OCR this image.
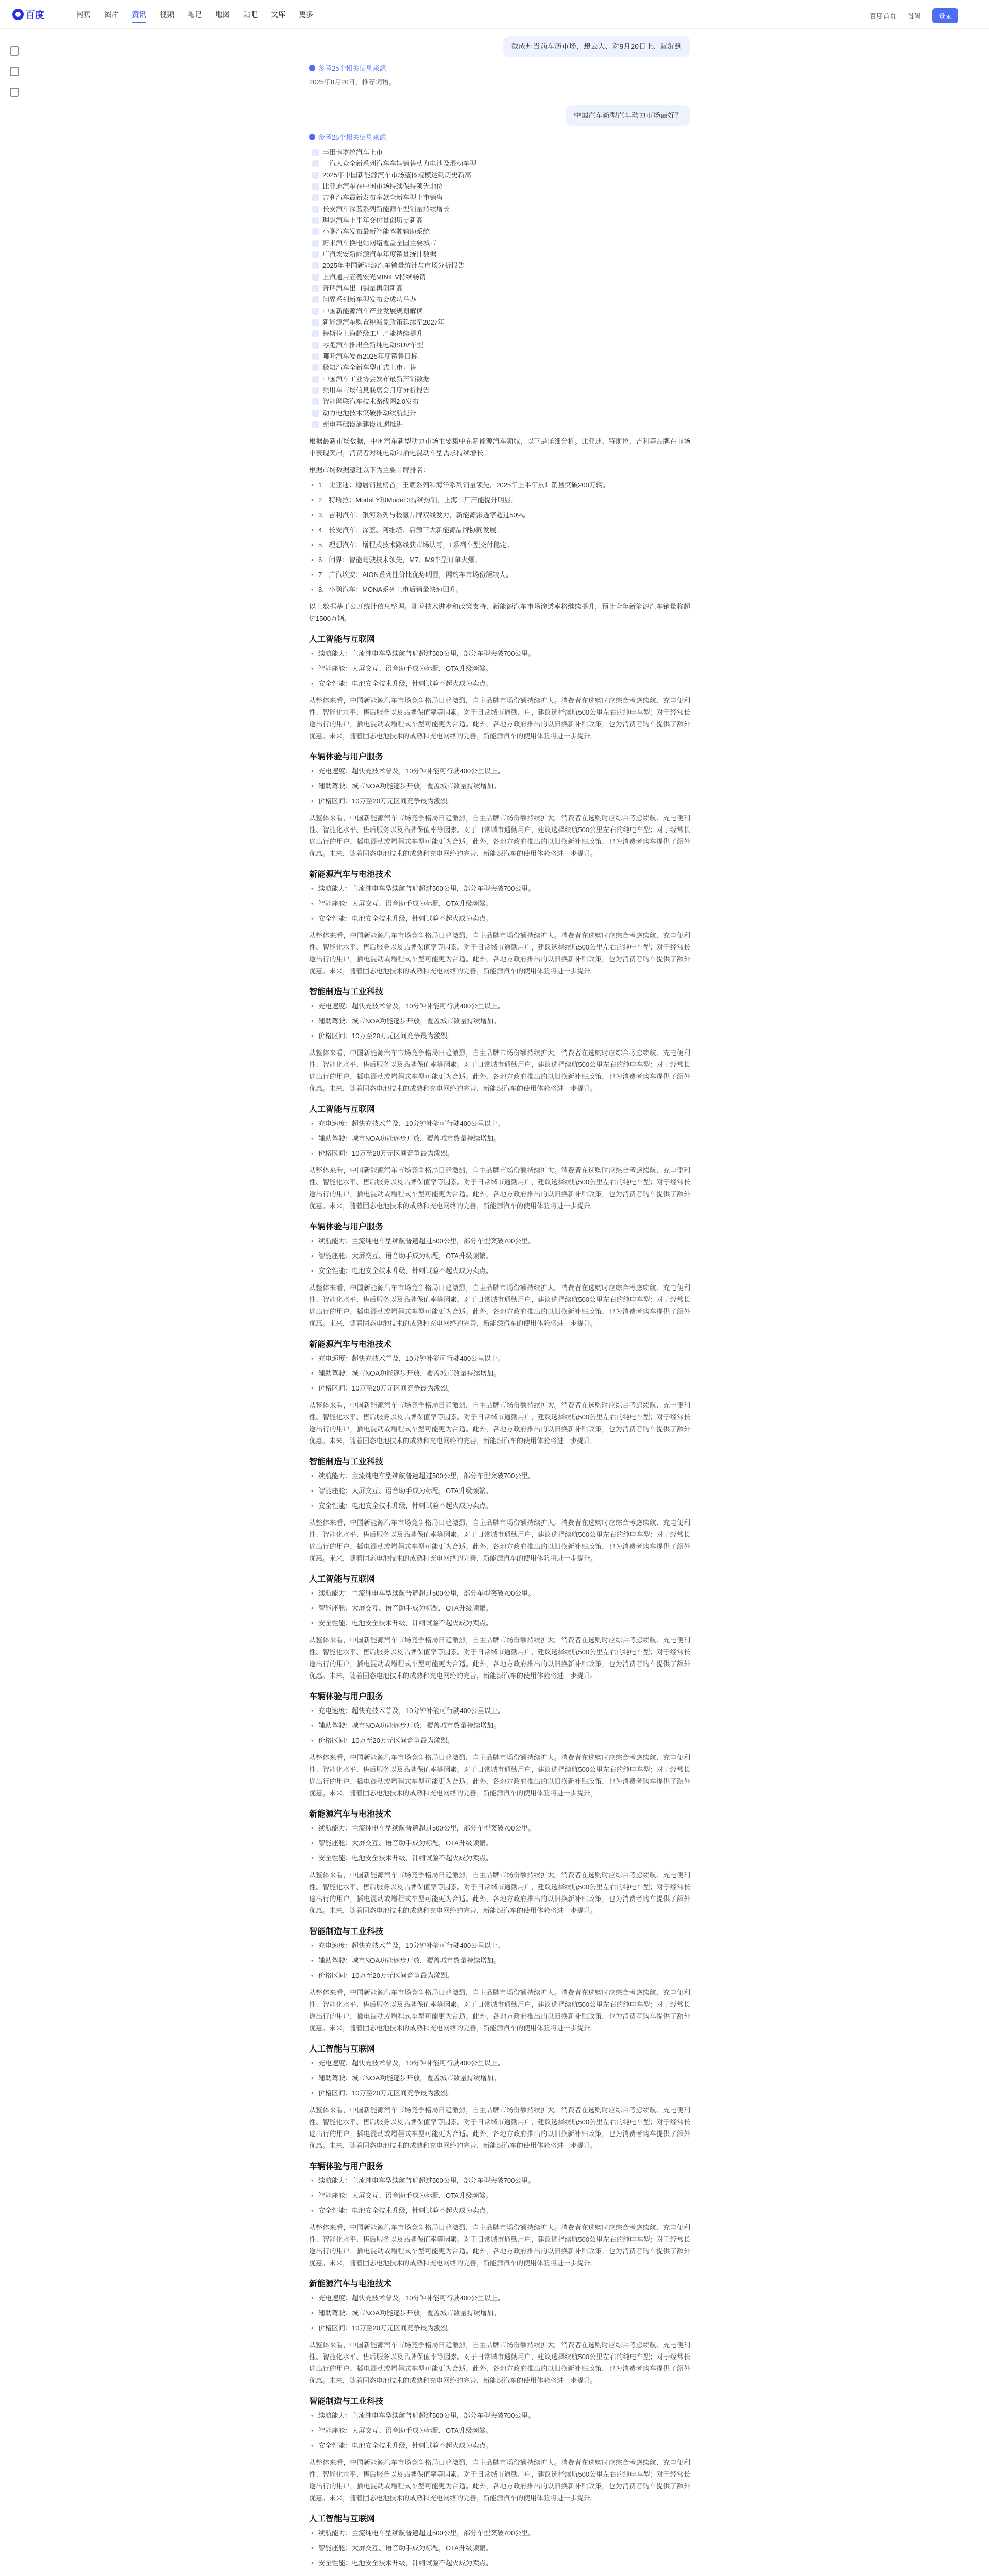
百度	网页 图片 资讯 视频 笔记 地图 贴吧 文库 更多	百度首页 设置	登录
截成州当前车历市场，想去大、对9月20日上、漏漏到
参考25个相关信息来源
2025年8月20日，推荐词语。
中国汽车新型汽车动力市场最好？
参考25个相关信息来源
丰田卡罗拉汽车上市
一汽大众全新系列汽车车辆销售动力电池及混动车型
2025年中国新能源汽车市场整体规模达到历史新高
比亚迪汽车在中国市场持续保持领先地位
吉利汽车最新发布多款全新车型上市销售
长安汽车深蓝系列新能源车型销量持续增长
理想汽车上半年交付量创历史新高
小鹏汽车发布最新智能驾驶辅助系统
蔚来汽车换电站网络覆盖全国主要城市
广汽埃安新能源汽车年度销量统计数据
2025年中国新能源汽车销量统计与市场分析报告
上汽通用五菱宏光MINIEV持续畅销
奇瑞汽车出口销量再创新高
问界系列新车型发布会成功举办
中国新能源汽车产业发展规划解读
新能源汽车购置税减免政策延续至2027年
特斯拉上海超级工厂产能持续提升
零跑汽车推出全新纯电动SUV车型
哪吒汽车发布2025年度销售目标
极氪汽车全新车型正式上市开售
中国汽车工业协会发布最新产销数据
乘用车市场信息联席会月度分析报告
智能网联汽车技术路线图2.0发布
动力电池技术突破推动续航提升
充电基础设施建设加速推进
根据最新市场数据，中国汽车新型动力市场主要集中在新能源汽车领域，以下是详细分析。比亚迪、特斯拉、吉利等品牌在市场中表现突出，消费者对纯电动和插电混动车型需求持续增长。
根据市场数据整理以下为主要品牌排名：
• 1．比亚迪：稳居销量榜首，王朝系列和海洋系列销量领先，2025年上半年累计销量突破200万辆。
• 2．特斯拉：Model Y和Model 3持续热销，上海工厂产能提升明显。
• 3．吉利汽车：银河系列与极氪品牌双线发力，新能源渗透率超过50%。
• 4．长安汽车：深蓝、阿维塔、启源三大新能源品牌协同发展。
• 5．理想汽车：增程式技术路线获市场认可，L系列车型交付稳定。
• 6．问界：智能驾驶技术领先，M7、M9车型订单火爆。
• 7．广汽埃安：AION系列性价比优势明显，网约车市场份额较大。
• 8．小鹏汽车：MONA系列上市后销量快速回升。
以上数据基于公开统计信息整理。随着技术进步和政策支持，新能源汽车市场渗透率将继续提升，预计全年新能源汽车销量将超过1500万辆。
人工智能与互联网
• 续航能力：主流纯电车型续航普遍超过500公里，部分车型突破700公里。
• 智能座舱：大屏交互、语音助手成为标配，OTA升级频繁。
• 安全性能：电池安全技术升级，针刺试验不起火成为卖点。
从整体来看，中国新能源汽车市场竞争格局日趋激烈，自主品牌市场份额持续扩大。消费者在选购时应综合考虑续航、充电便利性、智能化水平、售后服务以及品牌保值率等因素。对于日常城市通勤用户，建议选择续航500公里左右的纯电车型；对于经常长途出行的用户，插电混动或增程式车型可能更为合适。此外，各地方政府推出的以旧换新补贴政策，也为消费者购车提供了额外优惠。未来，随着固态电池技术的成熟和充电网络的完善，新能源汽车的使用体验将进一步提升。
车辆体验与用户服务
• 充电速度：超快充技术普及，10分钟补能可行驶400公里以上。
• 辅助驾驶：城市NOA功能逐步开放，覆盖城市数量持续增加。
• 价格区间：10万至20万元区间竞争最为激烈。
从整体来看，中国新能源汽车市场竞争格局日趋激烈，自主品牌市场份额持续扩大。消费者在选购时应综合考虑续航、充电便利性、智能化水平、售后服务以及品牌保值率等因素。对于日常城市通勤用户，建议选择续航500公里左右的纯电车型；对于经常长途出行的用户，插电混动或增程式车型可能更为合适。此外，各地方政府推出的以旧换新补贴政策，也为消费者购车提供了额外优惠。未来，随着固态电池技术的成熟和充电网络的完善，新能源汽车的使用体验将进一步提升。
新能源汽车与电池技术
• 续航能力：主流纯电车型续航普遍超过500公里，部分车型突破700公里。
• 智能座舱：大屏交互、语音助手成为标配，OTA升级频繁。
• 安全性能：电池安全技术升级，针刺试验不起火成为卖点。
从整体来看，中国新能源汽车市场竞争格局日趋激烈，自主品牌市场份额持续扩大。消费者在选购时应综合考虑续航、充电便利性、智能化水平、售后服务以及品牌保值率等因素。对于日常城市通勤用户，建议选择续航500公里左右的纯电车型；对于经常长途出行的用户，插电混动或增程式车型可能更为合适。此外，各地方政府推出的以旧换新补贴政策，也为消费者购车提供了额外优惠。未来，随着固态电池技术的成熟和充电网络的完善，新能源汽车的使用体验将进一步提升。
智能制造与工业科技
• 充电速度：超快充技术普及，10分钟补能可行驶400公里以上。
• 辅助驾驶：城市NOA功能逐步开放，覆盖城市数量持续增加。
• 价格区间：10万至20万元区间竞争最为激烈。
从整体来看，中国新能源汽车市场竞争格局日趋激烈，自主品牌市场份额持续扩大。消费者在选购时应综合考虑续航、充电便利性、智能化水平、售后服务以及品牌保值率等因素。对于日常城市通勤用户，建议选择续航500公里左右的纯电车型；对于经常长途出行的用户，插电混动或增程式车型可能更为合适。此外，各地方政府推出的以旧换新补贴政策，也为消费者购车提供了额外优惠。未来，随着固态电池技术的成熟和充电网络的完善，新能源汽车的使用体验将进一步提升。
人工智能与互联网
• 充电速度：超快充技术普及，10分钟补能可行驶400公里以上。
• 辅助驾驶：城市NOA功能逐步开放，覆盖城市数量持续增加。
• 价格区间：10万至20万元区间竞争最为激烈。
从整体来看，中国新能源汽车市场竞争格局日趋激烈，自主品牌市场份额持续扩大。消费者在选购时应综合考虑续航、充电便利性、智能化水平、售后服务以及品牌保值率等因素。对于日常城市通勤用户，建议选择续航500公里左右的纯电车型；对于经常长途出行的用户，插电混动或增程式车型可能更为合适。此外，各地方政府推出的以旧换新补贴政策，也为消费者购车提供了额外优惠。未来，随着固态电池技术的成熟和充电网络的完善，新能源汽车的使用体验将进一步提升。
车辆体验与用户服务
• 续航能力：主流纯电车型续航普遍超过500公里，部分车型突破700公里。
• 智能座舱：大屏交互、语音助手成为标配，OTA升级频繁。
• 安全性能：电池安全技术升级，针刺试验不起火成为卖点。
从整体来看，中国新能源汽车市场竞争格局日趋激烈，自主品牌市场份额持续扩大。消费者在选购时应综合考虑续航、充电便利性、智能化水平、售后服务以及品牌保值率等因素。对于日常城市通勤用户，建议选择续航500公里左右的纯电车型；对于经常长途出行的用户，插电混动或增程式车型可能更为合适。此外，各地方政府推出的以旧换新补贴政策，也为消费者购车提供了额外优惠。未来，随着固态电池技术的成熟和充电网络的完善，新能源汽车的使用体验将进一步提升。
新能源汽车与电池技术
• 充电速度：超快充技术普及，10分钟补能可行驶400公里以上。
• 辅助驾驶：城市NOA功能逐步开放，覆盖城市数量持续增加。
• 价格区间：10万至20万元区间竞争最为激烈。
从整体来看，中国新能源汽车市场竞争格局日趋激烈，自主品牌市场份额持续扩大。消费者在选购时应综合考虑续航、充电便利性、智能化水平、售后服务以及品牌保值率等因素。对于日常城市通勤用户，建议选择续航500公里左右的纯电车型；对于经常长途出行的用户，插电混动或增程式车型可能更为合适。此外，各地方政府推出的以旧换新补贴政策，也为消费者购车提供了额外优惠。未来，随着固态电池技术的成熟和充电网络的完善，新能源汽车的使用体验将进一步提升。
智能制造与工业科技
• 续航能力：主流纯电车型续航普遍超过500公里，部分车型突破700公里。
• 智能座舱：大屏交互、语音助手成为标配，OTA升级频繁。
• 安全性能：电池安全技术升级，针刺试验不起火成为卖点。
从整体来看，中国新能源汽车市场竞争格局日趋激烈，自主品牌市场份额持续扩大。消费者在选购时应综合考虑续航、充电便利性、智能化水平、售后服务以及品牌保值率等因素。对于日常城市通勤用户，建议选择续航500公里左右的纯电车型；对于经常长途出行的用户，插电混动或增程式车型可能更为合适。此外，各地方政府推出的以旧换新补贴政策，也为消费者购车提供了额外优惠。未来，随着固态电池技术的成熟和充电网络的完善，新能源汽车的使用体验将进一步提升。
人工智能与互联网
• 续航能力：主流纯电车型续航普遍超过500公里，部分车型突破700公里。
• 智能座舱：大屏交互、语音助手成为标配，OTA升级频繁。
• 安全性能：电池安全技术升级，针刺试验不起火成为卖点。
从整体来看，中国新能源汽车市场竞争格局日趋激烈，自主品牌市场份额持续扩大。消费者在选购时应综合考虑续航、充电便利性、智能化水平、售后服务以及品牌保值率等因素。对于日常城市通勤用户，建议选择续航500公里左右的纯电车型；对于经常长途出行的用户，插电混动或增程式车型可能更为合适。此外，各地方政府推出的以旧换新补贴政策，也为消费者购车提供了额外优惠。未来，随着固态电池技术的成熟和充电网络的完善，新能源汽车的使用体验将进一步提升。
车辆体验与用户服务
• 充电速度：超快充技术普及，10分钟补能可行驶400公里以上。
• 辅助驾驶：城市NOA功能逐步开放，覆盖城市数量持续增加。
• 价格区间：10万至20万元区间竞争最为激烈。
从整体来看，中国新能源汽车市场竞争格局日趋激烈，自主品牌市场份额持续扩大。消费者在选购时应综合考虑续航、充电便利性、智能化水平、售后服务以及品牌保值率等因素。对于日常城市通勤用户，建议选择续航500公里左右的纯电车型；对于经常长途出行的用户，插电混动或增程式车型可能更为合适。此外，各地方政府推出的以旧换新补贴政策，也为消费者购车提供了额外优惠。未来，随着固态电池技术的成熟和充电网络的完善，新能源汽车的使用体验将进一步提升。
新能源汽车与电池技术
• 续航能力：主流纯电车型续航普遍超过500公里，部分车型突破700公里。
• 智能座舱：大屏交互、语音助手成为标配，OTA升级频繁。
• 安全性能：电池安全技术升级，针刺试验不起火成为卖点。
从整体来看，中国新能源汽车市场竞争格局日趋激烈，自主品牌市场份额持续扩大。消费者在选购时应综合考虑续航、充电便利性、智能化水平、售后服务以及品牌保值率等因素。对于日常城市通勤用户，建议选择续航500公里左右的纯电车型；对于经常长途出行的用户，插电混动或增程式车型可能更为合适。此外，各地方政府推出的以旧换新补贴政策，也为消费者购车提供了额外优惠。未来，随着固态电池技术的成熟和充电网络的完善，新能源汽车的使用体验将进一步提升。
智能制造与工业科技
• 充电速度：超快充技术普及，10分钟补能可行驶400公里以上。
• 辅助驾驶：城市NOA功能逐步开放，覆盖城市数量持续增加。
• 价格区间：10万至20万元区间竞争最为激烈。
从整体来看，中国新能源汽车市场竞争格局日趋激烈，自主品牌市场份额持续扩大。消费者在选购时应综合考虑续航、充电便利性、智能化水平、售后服务以及品牌保值率等因素。对于日常城市通勤用户，建议选择续航500公里左右的纯电车型；对于经常长途出行的用户，插电混动或增程式车型可能更为合适。此外，各地方政府推出的以旧换新补贴政策，也为消费者购车提供了额外优惠。未来，随着固态电池技术的成熟和充电网络的完善，新能源汽车的使用体验将进一步提升。
人工智能与互联网
• 充电速度：超快充技术普及，10分钟补能可行驶400公里以上。
• 辅助驾驶：城市NOA功能逐步开放，覆盖城市数量持续增加。
• 价格区间：10万至20万元区间竞争最为激烈。
从整体来看，中国新能源汽车市场竞争格局日趋激烈，自主品牌市场份额持续扩大。消费者在选购时应综合考虑续航、充电便利性、智能化水平、售后服务以及品牌保值率等因素。对于日常城市通勤用户，建议选择续航500公里左右的纯电车型；对于经常长途出行的用户，插电混动或增程式车型可能更为合适。此外，各地方政府推出的以旧换新补贴政策，也为消费者购车提供了额外优惠。未来，随着固态电池技术的成熟和充电网络的完善，新能源汽车的使用体验将进一步提升。
车辆体验与用户服务
• 续航能力：主流纯电车型续航普遍超过500公里，部分车型突破700公里。
• 智能座舱：大屏交互、语音助手成为标配，OTA升级频繁。
• 安全性能：电池安全技术升级，针刺试验不起火成为卖点。
从整体来看，中国新能源汽车市场竞争格局日趋激烈，自主品牌市场份额持续扩大。消费者在选购时应综合考虑续航、充电便利性、智能化水平、售后服务以及品牌保值率等因素。对于日常城市通勤用户，建议选择续航500公里左右的纯电车型；对于经常长途出行的用户，插电混动或增程式车型可能更为合适。此外，各地方政府推出的以旧换新补贴政策，也为消费者购车提供了额外优惠。未来，随着固态电池技术的成熟和充电网络的完善，新能源汽车的使用体验将进一步提升。
新能源汽车与电池技术
• 充电速度：超快充技术普及，10分钟补能可行驶400公里以上。
• 辅助驾驶：城市NOA功能逐步开放，覆盖城市数量持续增加。
• 价格区间：10万至20万元区间竞争最为激烈。
从整体来看，中国新能源汽车市场竞争格局日趋激烈，自主品牌市场份额持续扩大。消费者在选购时应综合考虑续航、充电便利性、智能化水平、售后服务以及品牌保值率等因素。对于日常城市通勤用户，建议选择续航500公里左右的纯电车型；对于经常长途出行的用户，插电混动或增程式车型可能更为合适。此外，各地方政府推出的以旧换新补贴政策，也为消费者购车提供了额外优惠。未来，随着固态电池技术的成熟和充电网络的完善，新能源汽车的使用体验将进一步提升。
智能制造与工业科技
• 续航能力：主流纯电车型续航普遍超过500公里，部分车型突破700公里。
• 智能座舱：大屏交互、语音助手成为标配，OTA升级频繁。
• 安全性能：电池安全技术升级，针刺试验不起火成为卖点。
从整体来看，中国新能源汽车市场竞争格局日趋激烈，自主品牌市场份额持续扩大。消费者在选购时应综合考虑续航、充电便利性、智能化水平、售后服务以及品牌保值率等因素。对于日常城市通勤用户，建议选择续航500公里左右的纯电车型；对于经常长途出行的用户，插电混动或增程式车型可能更为合适。此外，各地方政府推出的以旧换新补贴政策，也为消费者购车提供了额外优惠。未来，随着固态电池技术的成熟和充电网络的完善，新能源汽车的使用体验将进一步提升。
人工智能与互联网
• 续航能力：主流纯电车型续航普遍超过500公里，部分车型突破700公里。
• 智能座舱：大屏交互、语音助手成为标配，OTA升级频繁。
• 安全性能：电池安全技术升级，针刺试验不起火成为卖点。
